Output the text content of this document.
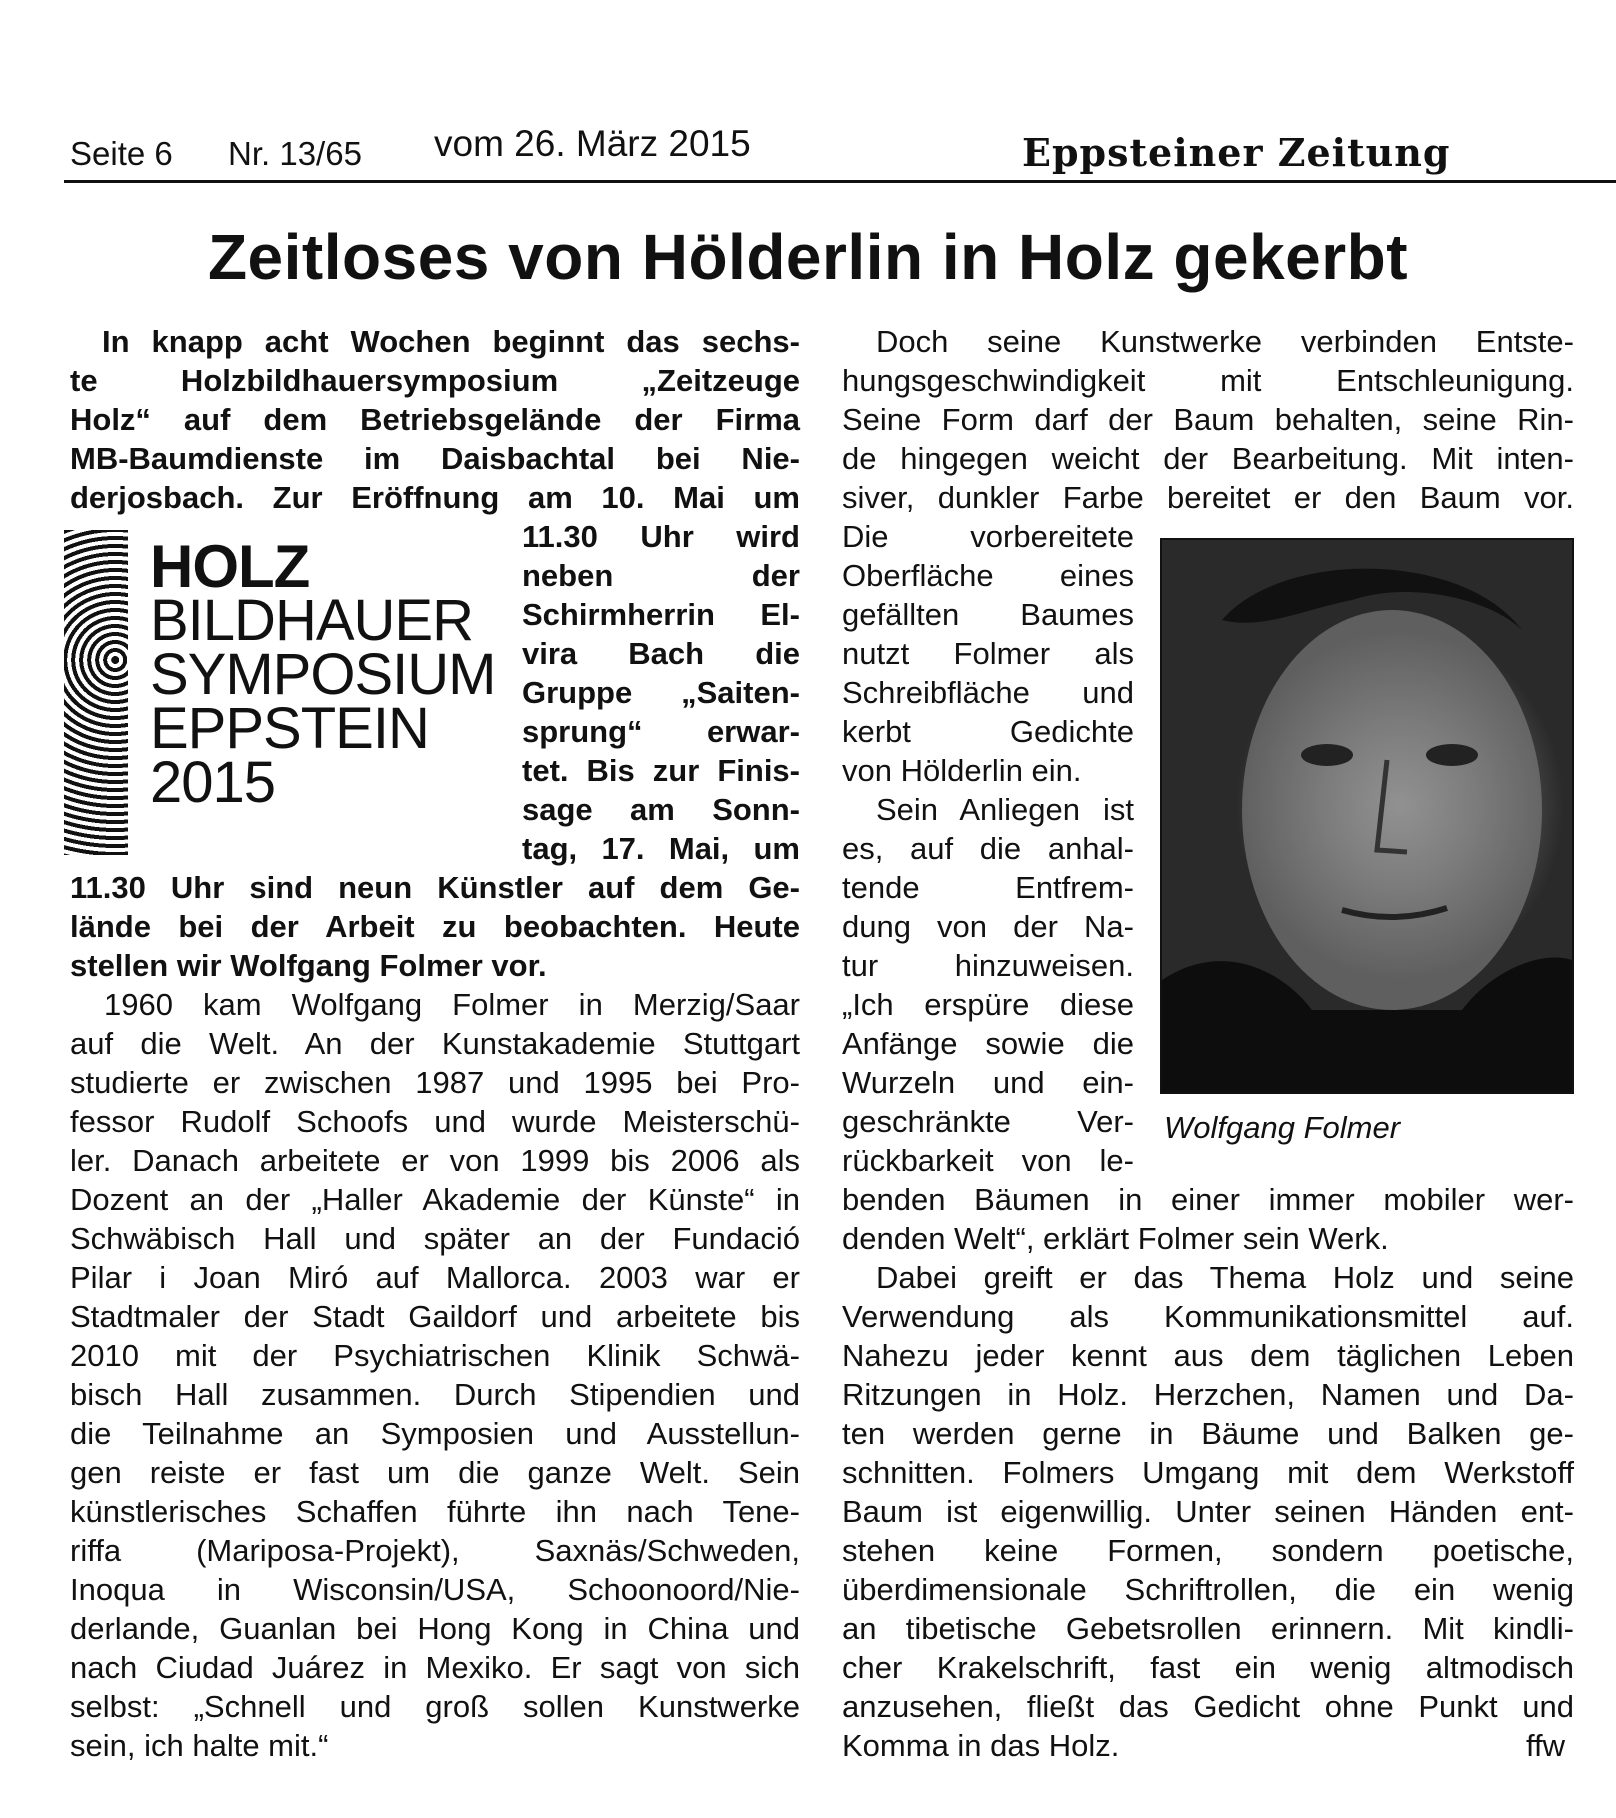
Seite 6 Nr. 13/65 vom 26. März 2015	Eppsteiner Zeitung
Zeitloses von Hölderlin in Holz gekerbt
In knapp acht Wochen beginnt das sechs-
te Holzbildhauersymposium „Zeitzeuge
Holz“ auf dem Betriebsgelände der Firma
MB-Baumdienste im Daisbachtal bei Nie-
derjosbach. Zur Eröffnung am 10. Mai um
HOLZ
BILDHAUER
SYMPOSIUM
EPPSTEIN
2015
11.30 Uhr wird
neben der
Schirmherrin El-
vira Bach die
Gruppe „Saiten-
sprung“ erwar-
tet. Bis zur Finis-
sage am Sonn-
tag, 17. Mai, um
11.30 Uhr sind neun Künstler auf dem Ge-
lände bei der Arbeit zu beobachten. Heute
stellen wir Wolfgang Folmer vor.
1960 kam Wolfgang Folmer in Merzig/Saar
auf die Welt. An der Kunstakademie Stuttgart
studierte er zwischen 1987 und 1995 bei Pro-
fessor Rudolf Schoofs und wurde Meisterschü-
ler. Danach arbeitete er von 1999 bis 2006 als
Dozent an der „Haller Akademie der Künste“ in
Schwäbisch Hall und später an der Fundació
Pilar i Joan Miró auf Mallorca. 2003 war er
Stadtmaler der Stadt Gaildorf und arbeitete bis
2010 mit der Psychiatrischen Klinik Schwä-
bisch Hall zusammen. Durch Stipendien und
die Teilnahme an Symposien und Ausstellun-
gen reiste er fast um die ganze Welt. Sein
künstlerisches Schaffen führte ihn nach Tene-
riffa (Mariposa-Projekt), Saxnäs/Schweden,
Inoqua in Wisconsin/USA, Schoonoord/Nie-
derlande, Guanlan bei Hong Kong in China und
nach Ciudad Juárez in Mexiko. Er sagt von sich
selbst: „Schnell und groß sollen Kunstwerke
sein, ich halte mit.“
Doch seine Kunstwerke verbinden Entste-
hungsgeschwindigkeit mit Entschleunigung.
Seine Form darf der Baum behalten, seine Rin-
de hingegen weicht der Bearbeitung. Mit inten-
siver, dunkler Farbe bereitet er den Baum vor.
Die vorbereitete
Oberfläche eines
gefällten Baumes
nutzt Folmer als
Schreibfläche und
kerbt Gedichte
von Hölderlin ein.
Sein Anliegen ist
es, auf die anhal-
tende Entfrem-
dung von der Na-
tur hinzuweisen.
„Ich erspüre diese
Anfänge sowie die
Wurzeln und ein-
geschränkte Ver-
rückbarkeit von le-
Wolfgang Folmer
benden Bäumen in einer immer mobiler wer-
denden Welt“, erklärt Folmer sein Werk.
Dabei greift er das Thema Holz und seine
Verwendung als Kommunikationsmittel auf.
Nahezu jeder kennt aus dem täglichen Leben
Ritzungen in Holz. Herzchen, Namen und Da-
ten werden gerne in Bäume und Balken ge-
schnitten. Folmers Umgang mit dem Werkstoff
Baum ist eigenwillig. Unter seinen Händen ent-
stehen keine Formen, sondern poetische,
überdimensionale Schriftrollen, die ein wenig
an tibetische Gebetsrollen erinnern. Mit kindli-
cher Krakelschrift, fast ein wenig altmodisch
anzusehen, fließt das Gedicht ohne Punkt und
Komma in das Holz.	ffw
